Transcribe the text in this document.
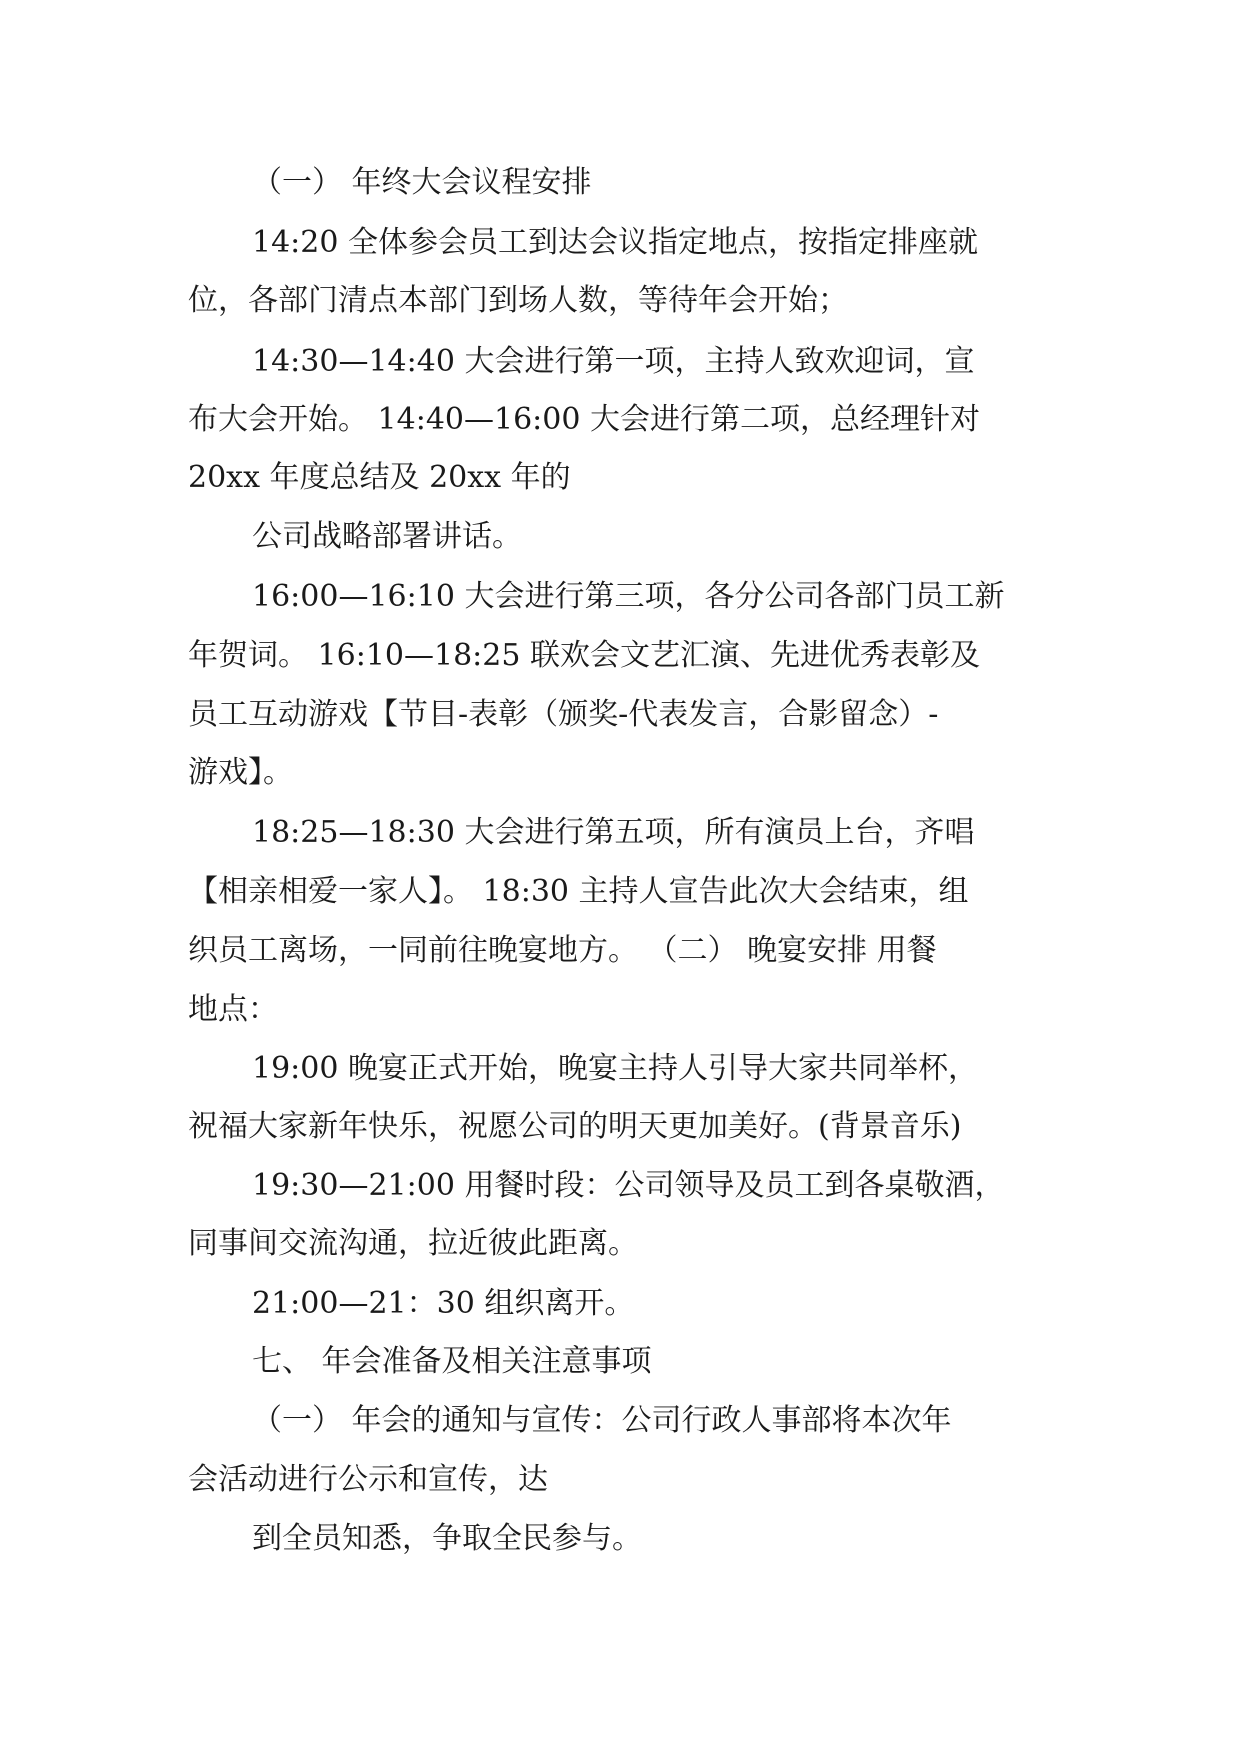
（一） 年终大会议程安排
14:20 全体参会员工到达会议指定地点，按指定排座就
位，各部门清点本部门到场人数，等待年会开始；
14:30—14:40 大会进行第一项，主持人致欢迎词，宣
布大会开始。 14:40—16:00 大会进行第二项，总经理针对
20xx 年度总结及 20xx 年的
公司战略部署讲话。
16:00—16:10 大会进行第三项，各分公司各部门员工新
年贺词。 16:10—18:25 联欢会文艺汇演、先进优秀表彰及
员工互动游戏【节目-表彰（颁奖-代表发言，合影留念）-
游戏】。
18:25—18:30 大会进行第五项，所有演员上台，齐唱
【相亲相爱一家人】。 18:30 主持人宣告此次大会结束，组
织员工离场，一同前往晚宴地方。 （二） 晚宴安排 用餐
地点：
19:00 晚宴正式开始，晚宴主持人引导大家共同举杯，
祝福大家新年快乐，祝愿公司的明天更加美好。(背景音乐)
19:30—21:00 用餐时段：公司领导及员工到各桌敬酒，
同事间交流沟通，拉近彼此距离。
21:00—21：30 组织离开。
七、 年会准备及相关注意事项
（一） 年会的通知与宣传：公司行政人事部将本次年
会活动进行公示和宣传，达
到全员知悉，争取全民参与。
